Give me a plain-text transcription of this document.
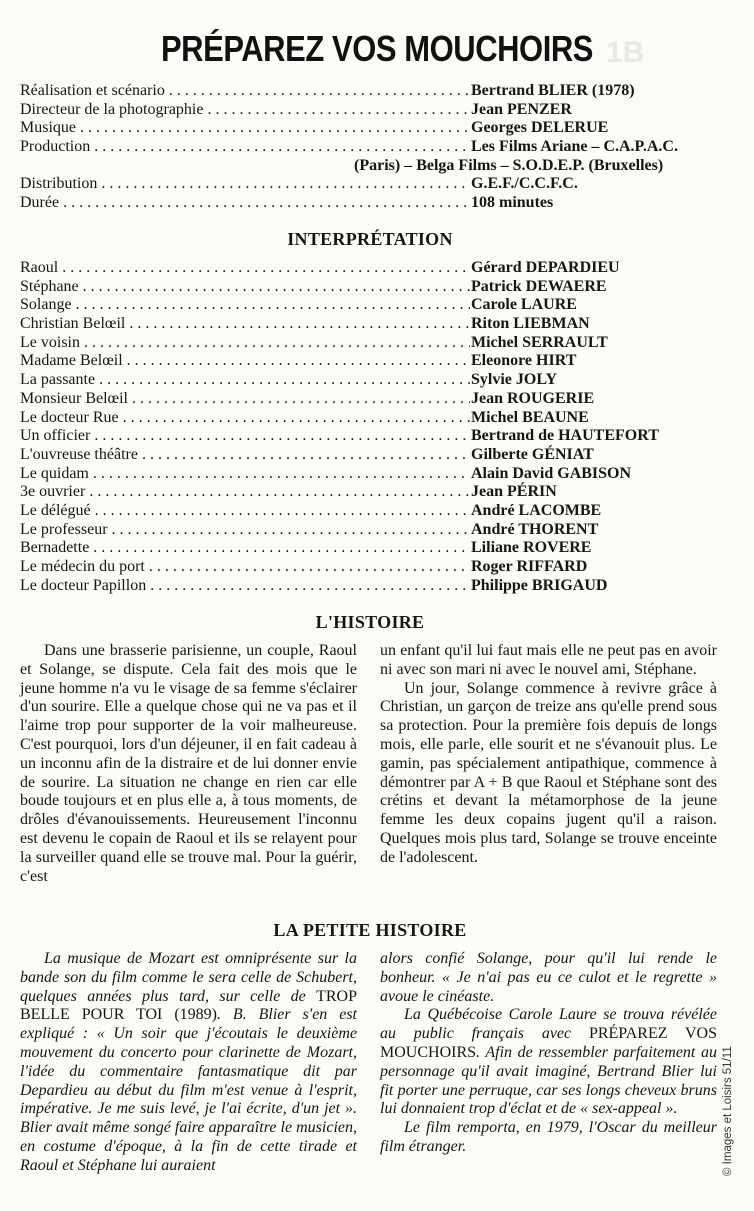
1B
PRÉPAREZ VOS MOUCHOIRS
Réalisation et scénario . . .	Bertrand BLIER (1978)
Directeur de la photographie . . .	Jean PENZER
Musique . . .	Georges DELERUE
Production . . .	Les Films Ariane – C.A.P.A.C.
(Paris) – Belga Films – S.O.D.E.P. (Bruxelles)
Distribution . . .	G.E.F./C.C.F.C.
Durée . . .	108 minutes
INTERPRÉTATION
Raoul . . .	Gérard DEPARDIEU
Stéphane . . .	Patrick DEWAERE
Solange . . .	Carole LAURE
Christian Belœil . . .	Riton LIEBMAN
Le voisin . . .	Michel SERRAULT
Madame Belœil . . .	Eleonore HIRT
La passante . . .	Sylvie JOLY
Monsieur Belœil . . .	Jean ROUGERIE
Le docteur Rue . . .	Michel BEAUNE
Un officier . . .	Bertrand de HAUTEFORT
L'ouvreuse théâtre . . .	Gilberte GÉNIAT
Le quidam . . .	Alain David GABISON
3e ouvrier . . .	Jean PÉRIN
Le délégué . . .	André LACOMBE
Le professeur . . .	André THORENT
Bernadette . . .	Liliane ROVERE
Le médecin du port . . .	Roger RIFFARD
Le docteur Papillon . . .	Philippe BRIGAUD
L'HISTOIRE

Dans une brasserie parisienne, un couple, Raoul et Solange, se dispute. Cela fait des mois que le jeune homme n'a vu le visage de sa femme s'éclairer d'un sourire. Elle a quelque chose qui ne va pas et il l'aime trop pour supporter de la voir malheureuse. C'est pourquoi, lors d'un déjeuner, il en fait cadeau à un inconnu afin de la distraire et de lui donner envie de sourire. La situation ne change en rien car elle boude toujours et en plus elle a, à tous moments, de drôles d'évanouissements. Heureusement l'inconnu est devenu le copain de Raoul et ils se relayent pour la surveiller quand elle se trouve mal. Pour la guérir, c'est

un enfant qu'il lui faut mais elle ne peut pas en avoir ni avec son mari ni avec le nouvel ami, Stéphane.

Un jour, Solange commence à revivre grâce à Christian, un garçon de treize ans qu'elle prend sous sa protection. Pour la première fois depuis de longs mois, elle parle, elle sourit et ne s'évanouit plus. Le gamin, pas spécialement antipathique, commence à démontrer par A + B que Raoul et Stéphane sont des crétins et devant la métamorphose de la jeune femme les deux copains jugent qu'il a raison. Quelques mois plus tard, Solange se trouve enceinte de l'adolescent.

LA PETITE HISTOIRE

La musique de Mozart est omniprésente sur la bande son du film comme le sera celle de Schubert, quelques années plus tard, sur celle de TROP BELLE POUR TOI (1989). B. Blier s'en est expliqué : « Un soir que j'écoutais le deuxième mouvement du concerto pour clarinette de Mozart, l'idée du commentaire fantasmatique dit par Depardieu au début du film m'est venue à l'esprit, impérative. Je me suis levé, je l'ai écrite, d'un jet ». Blier avait même songé faire apparaître le musicien, en costume d'époque, à la fin de cette tirade et Raoul et Stéphane lui auraient

alors confié Solange, pour qu'il lui rende le bonheur. « Je n'ai pas eu ce culot et le regrette » avoue le cinéaste.

La Québécoise Carole Laure se trouva révélée au public français avec PRÉPAREZ VOS MOUCHOIRS. Afin de ressembler parfaitement au personnage qu'il avait imaginé, Bertrand Blier lui fit porter une perruque, car ses longs cheveux bruns lui donnaient trop d'éclat et de « sex-appeal ».

Le film remporta, en 1979, l'Oscar du meilleur film étranger.	© Images et Loisirs 51/11
